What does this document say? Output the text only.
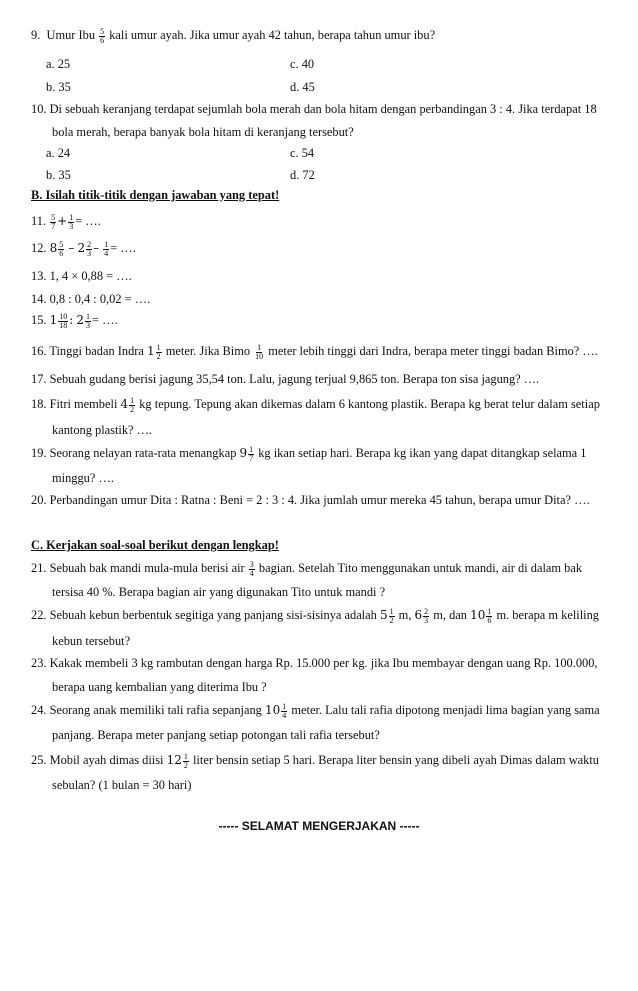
9. Umur Ibu $\frac{5}{6}$ kali umur ayah. Jika umur ayah 42 tahun, berapa tahun umur ibu?
a. 25	c. 40
b. 35	d. 45
10. Di sebuah keranjang terdapat sejumlah bola merah dan bola hitam dengan perbandingan 3 : 4. Jika terdapat 18
bola merah, berapa banyak bola hitam di keranjang tersebut?
a. 24	c. 54
b. 35	d. 72
B. Isilah titik-titik dengan jawaban yang tepat!
11. $\frac{5}{7} + \frac{1}{3}$ = ….
12. $8 \frac{5}{6} - 2 \frac{2}{3} - \frac{1}{4}$ = ….
13. 1, 4 × 0,88 = ….
14. 0,8 : 0,4 : 0,02 = ….
15. $1 \frac{10}{18}$ : $2 \frac{1}{3}$ = ….
16. Tinggi badan Indra $1 \frac{1}{2}$ meter. Jika Bimo $\frac{1}{10}$ meter lebih tinggi dari Indra, berapa meter tinggi badan Bimo? ….
17. Sebuah gudang berisi jagung 35,54 ton. Lalu, jagung terjual 9,865 ton. Berapa ton sisa jagung? ….
18. Fitri membeli $4 \frac{1}{2}$ kg tepung. Tepung akan dikemas dalam 6 kantong plastik. Berapa kg berat telur dalam setiap
kantong plastik? ….
19. Seorang nelayan rata-rata menangkap $9 \frac{1}{7}$ kg ikan setiap hari. Berapa kg ikan yang dapat ditangkap selama 1
minggu? ….
20. Perbandingan umur Dita : Ratna : Beni = 2 : 3 : 4. Jika jumlah umur mereka 45 tahun, berapa umur Dita? ….
C. Kerjakan soal-soal berikut dengan lengkap!
21. Sebuah bak mandi mula-mula berisi air $\frac{3}{4}$ bagian. Setelah Tito menggunakan untuk mandi, air di dalam bak
tersisa 40 %. Berapa bagian air yang digunakan Tito untuk mandi ?
22. Sebuah kebun berbentuk segitiga yang panjang sisi-sisinya adalah $5 \frac{1}{2} m$, $6 \frac{2}{3} m$, dan $10 \frac{1}{6} m$. berapa m keliling
kebun tersebut?
23. Kakak membeli 3 kg rambutan dengan harga Rp. 15.000 per kg. jika Ibu membayar dengan uang Rp. 100.000,
berapa uang kembalian yang diterima Ibu ?
24. Seorang anak memiliki tali rafia sepanjang $10 \frac{1}{4}$ meter. Lalu tali rafia dipotong menjadi lima bagian yang sama
panjang. Berapa meter panjang setiap potongan tali rafia tersebut?
25. Mobil ayah dimas diisi $12 \frac{1}{2}$ liter bensin setiap 5 hari. Berapa liter bensin yang dibeli ayah Dimas dalam waktu
sebulan? (1 bulan = 30 hari)
----- SELAMAT MENGERJAKAN -----
